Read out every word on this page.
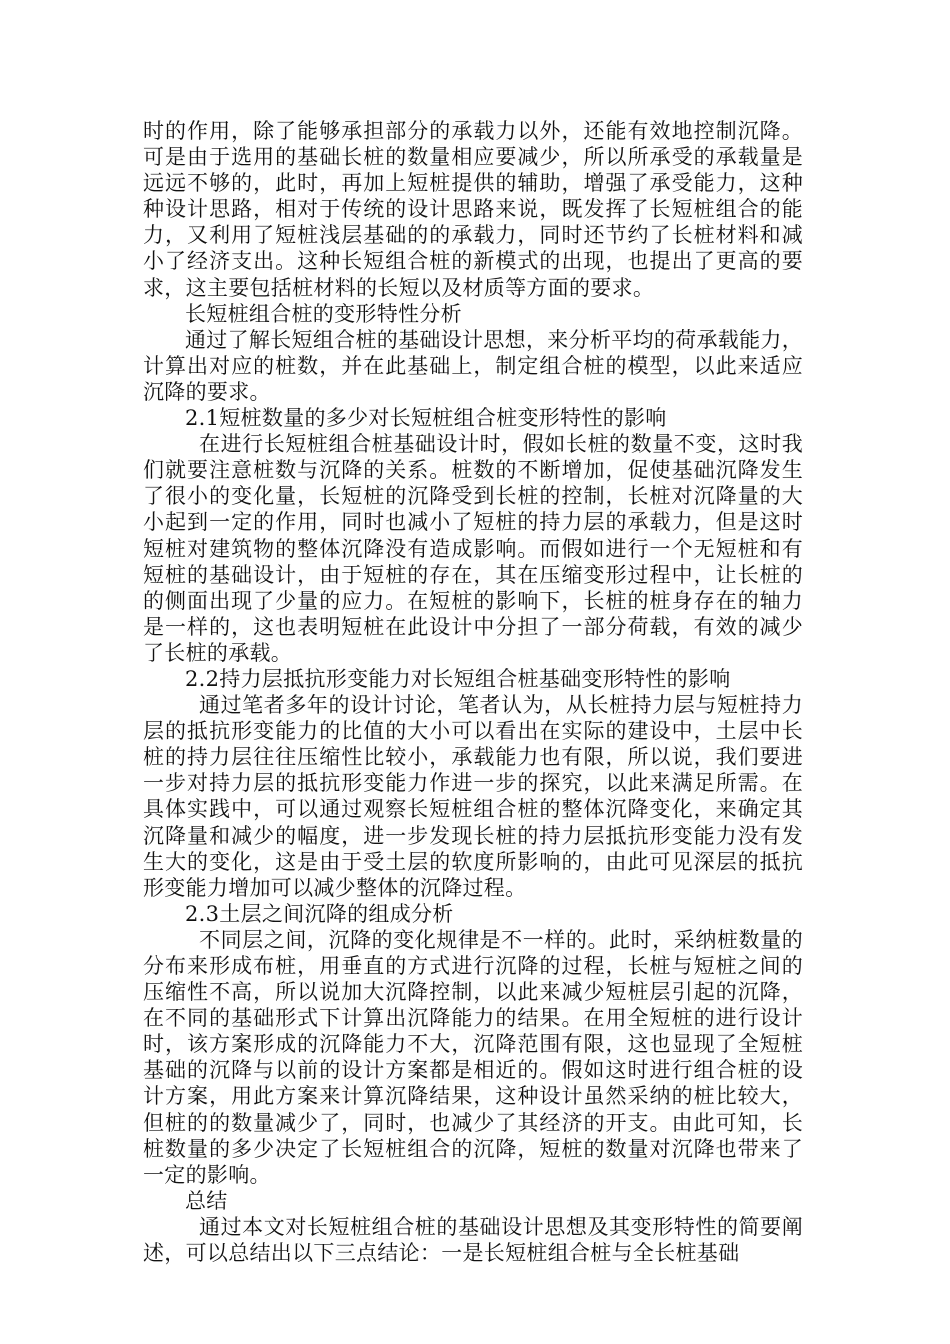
时的作用，除了能够承担部分的承载力以外，还能有效地控制沉降。可是由于选用的基础长桩的数量相应要减少，所以所承受的承载量是远远不够的，此时，再加上短桩提供的辅助，增强了承受能力，这种种设计思路，相对于传统的设计思路来说，既发挥了长短桩组合的能力，又利用了短桩浅层基础的的承载力，同时还节约了长桩材料和减小了经济支出。这种长短组合桩的新模式的出现，也提出了更高的要求，这主要包括桩材料的长短以及材质等方面的要求。

长短桩组合桩的变形特性分析

通过了解长短组合桩的基础设计思想，来分析平均的荷承载能力，计算出对应的桩数，并在此基础上，制定组合桩的模型，以此来适应沉降的要求。

2.1短桩数量的多少对长短桩组合桩变形特性的影响

在进行长短桩组合桩基础设计时，假如长桩的数量不变，这时我们就要注意桩数与沉降的关系。桩数的不断增加，促使基础沉降发生了很小的变化量，长短桩的沉降受到长桩的控制，长桩对沉降量的大小起到一定的作用，同时也减小了短桩的持力层的承载力，但是这时短桩对建筑物的整体沉降没有造成影响。而假如进行一个无短桩和有短桩的基础设计，由于短桩的存在，其在压缩变形过程中，让长桩的的侧面出现了少量的应力。在短桩的影响下，长桩的桩身存在的轴力是一样的，这也表明短桩在此设计中分担了一部分荷载，有效的减少了长桩的承载。

2.2持力层抵抗形变能力对长短组合桩基础变形特性的影响

通过笔者多年的设计讨论，笔者认为，从长桩持力层与短桩持力层的抵抗形变能力的比值的大小可以看出在实际的建设中，土层中长桩的持力层往往压缩性比较小，承载能力也有限，所以说，我们要进一步对持力层的抵抗形变能力作进一步的探究，以此来满足所需。在具体实践中，可以通过观察长短桩组合桩的整体沉降变化，来确定其沉降量和减少的幅度，进一步发现长桩的持力层抵抗形变能力没有发生大的变化，这是由于受土层的软度所影响的，由此可见深层的抵抗形变能力增加可以减少整体的沉降过程。

2.3土层之间沉降的组成分析

不同层之间，沉降的变化规律是不一样的。此时，采纳桩数量的分布来形成布桩，用垂直的方式进行沉降的过程，长桩与短桩之间的压缩性不高，所以说加大沉降控制，以此来减少短桩层引起的沉降，在不同的基础形式下计算出沉降能力的结果。在用全短桩的进行设计时，该方案形成的沉降能力不大，沉降范围有限，这也显现了全短桩基础的沉降与以前的设计方案都是相近的。假如这时进行组合桩的设计方案，用此方案来计算沉降结果，这种设计虽然采纳的桩比较大，但桩的的数量减少了，同时，也减少了其经济的开支。由此可知，长桩数量的多少决定了长短桩组合的沉降，短桩的数量对沉降也带来了一定的影响。

总结

通过本文对长短桩组合桩的基础设计思想及其变形特性的简要阐述，可以总结出以下三点结论：一是长短桩组合桩与全长桩基础
